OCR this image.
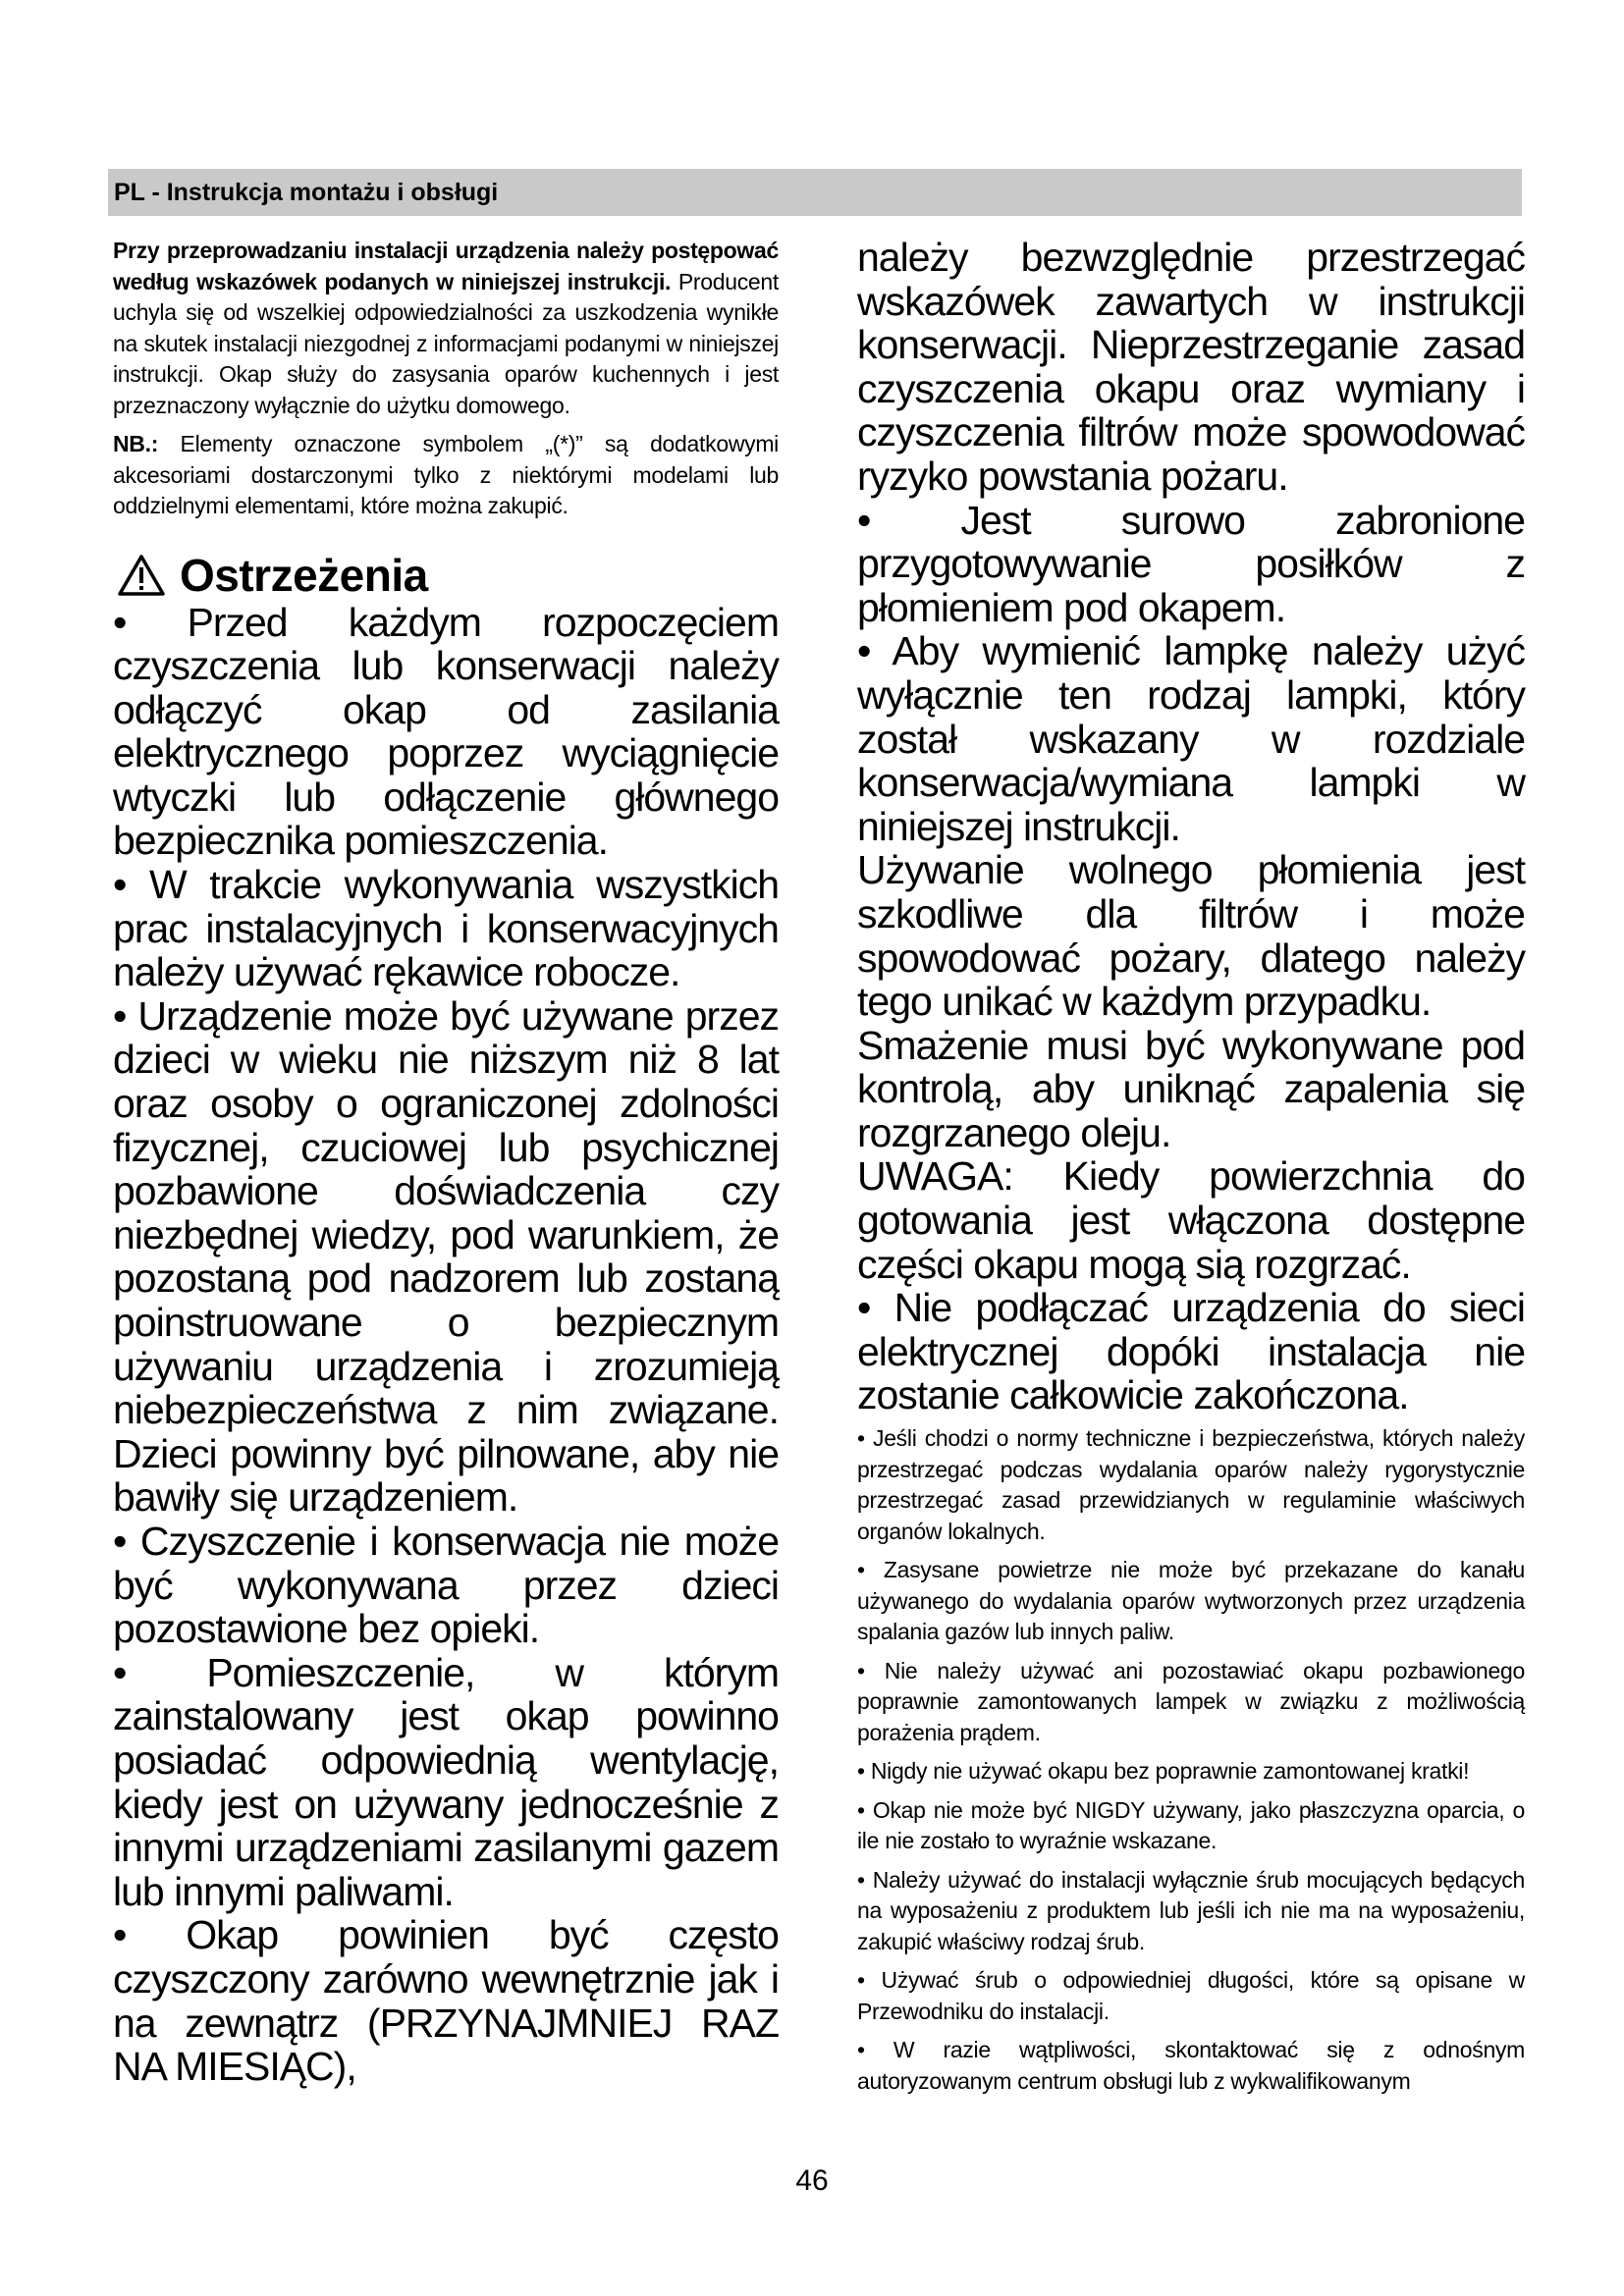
PL - Instrukcja montażu i obsługi

Przy przeprowadzaniu instalacji urządzenia należy postępować według wskazówek podanych w niniejszej instrukcji. Producent uchyla się od wszelkiej odpowiedzialności za uszkodzenia wynikłe na skutek instalacji niezgodnej z informacjami podanymi w niniejszej instrukcji. Okap służy do zasysania oparów kuchennych i jest przeznaczony wyłącznie do użytku domowego.

NB.: Elementy oznaczone symbolem „(*)” są dodatkowymi akcesoriami dostarczonymi tylko z niektórymi modelami lub oddzielnymi elementami, które można zakupić.

Ostrzeżenia

• Przed każdym rozpoczęciem czyszczenia lub konserwacji należy odłączyć okap od zasilania elektrycznego poprzez wyciągnięcie wtyczki lub odłączenie głównego bezpiecznika pomieszczenia.

• W trakcie wykonywania wszystkich prac instalacyjnych i konserwacyjnych należy używać rękawice robocze.

• Urządzenie może być używane przez dzieci w wieku nie niższym niż 8 lat oraz osoby o ograniczonej zdolności fizycznej, czuciowej lub psychicznej pozbawione doświadczenia czy niezbędnej wiedzy, pod warunkiem, że pozostaną pod nadzorem lub zostaną poinstruowane o bezpiecznym używaniu urządzenia i zrozumieją niebezpieczeństwa z nim związane. Dzieci powinny być pilnowane, aby nie bawiły się urządzeniem.

• Czyszczenie i konserwacja nie może być wykonywana przez dzieci pozostawione bez opieki.

• Pomieszczenie, w którym zainstalowany jest okap powinno posiadać odpowiednią wentylację, kiedy jest on używany jednocześnie z innymi urządzeniami zasilanymi gazem lub innymi paliwami.

• Okap powinien być często czyszczony zarówno wewnętrznie jak i na zewnątrz (PRZYNAJMNIEJ RAZ NA MIESIĄC),

należy bezwzględnie przestrzegać wskazówek zawartych w instrukcji konserwacji. Nieprzestrzeganie zasad czyszczenia okapu oraz wymiany i czyszczenia filtrów może spowodować ryzyko powstania pożaru.

• Jest surowo zabronione przygotowywanie posiłków z płomieniem pod okapem.

• Aby wymienić lampkę należy użyć wyłącznie ten rodzaj lampki, który został wskazany w rozdziale konserwacja/wymiana lampki w niniejszej instrukcji.

Używanie wolnego płomienia jest szkodliwe dla filtrów i może spowodować pożary, dlatego należy tego unikać w każdym przypadku.

Smażenie musi być wykonywane pod kontrolą, aby uniknąć zapalenia się rozgrzanego oleju.

UWAGA: Kiedy powierzchnia do gotowania jest włączona dostępne części okapu mogą sią rozgrzać.

• Nie podłączać urządzenia do sieci elektrycznej dopóki instalacja nie zostanie całkowicie zakończona.

• Jeśli chodzi o normy techniczne i bezpieczeństwa, których należy przestrzegać podczas wydalania oparów należy rygorystycznie przestrzegać zasad przewidzianych w regulaminie właściwych organów lokalnych.

• Zasysane powietrze nie może być przekazane do kanału używanego do wydalania oparów wytworzonych przez urządzenia spalania gazów lub innych paliw.

• Nie należy używać ani pozostawiać okapu pozbawionego poprawnie zamontowanych lampek w związku z możliwością porażenia prądem.

• Nigdy nie używać okapu bez poprawnie zamontowanej kratki!

• Okap nie może być NIGDY używany, jako płaszczyzna oparcia, o ile nie zostało to wyraźnie wskazane.

• Należy używać do instalacji wyłącznie śrub mocujących będących na wyposażeniu z produktem lub jeśli ich nie ma na wyposażeniu, zakupić właściwy rodzaj śrub.

• Używać śrub o odpowiedniej długości, które są opisane w Przewodniku do instalacji.

• W razie wątpliwości, skontaktować się z odnośnym autoryzowanym centrum obsługi lub z wykwalifikowanym

46
